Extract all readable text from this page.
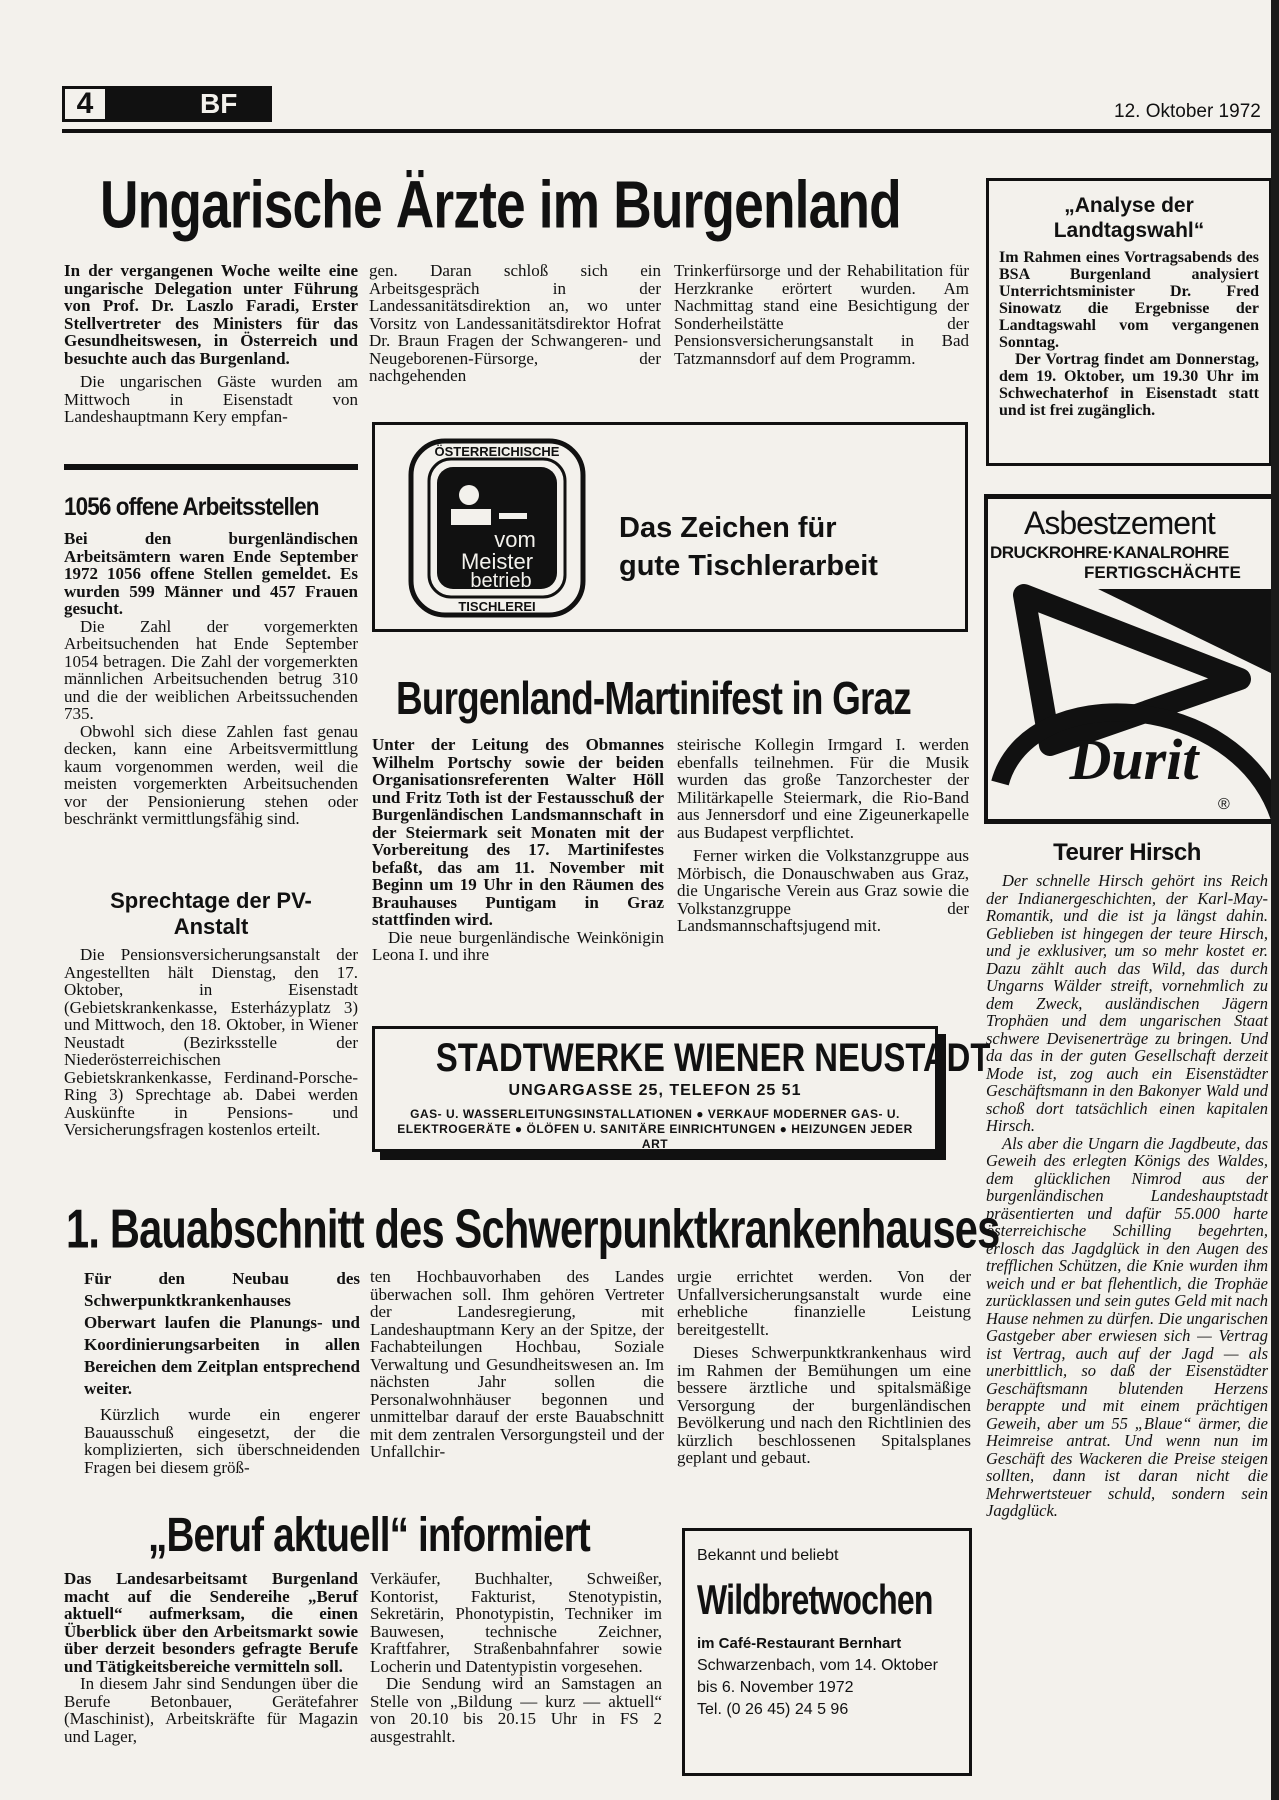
4	BF	12. Oktober 1972
Ungarische Ärzte im Burgenland

In der vergangenen Woche weilte eine ungarische Delegation unter Führung von Prof. Dr. Laszlo Faradi, Erster Stellvertreter des Ministers für das Gesundheitswesen, in Österreich und besuchte auch das Burgenland.

Die ungarischen Gäste wurden am Mittwoch in Eisenstadt von Landeshauptmann Kery empfan-

gen. Daran schloß sich ein Arbeitsgespräch in der Landessanitätsdirektion an, wo unter Vorsitz von Landessanitätsdirektor Hofrat Dr. Braun Fragen der Schwangeren- und Neugeborenen-Fürsorge, der nachgehenden

Trinkerfürsorge und der Rehabilitation für Herzkranke erörtert wurden. Am Nachmittag stand eine Besichtigung der Sonderheilstätte der Pensionsversicherungsanstalt in Bad Tatzmannsdorf auf dem Programm.

„Analyse der Landtagswahl“

Im Rahmen eines Vortragsabends des BSA Burgenland analysiert Unterrichtsminister Dr. Fred Sinowatz die Ergebnisse der Landtagswahl vom vergangenen Sonntag.

Der Vortrag findet am Donnerstag, dem 19. Oktober, um 19.30 Uhr im Schwechaterhof in Eisenstadt statt und ist frei zugänglich.

1056 offene Arbeitsstellen

Bei den burgenländischen Arbeitsämtern waren Ende September 1972 1056 offene Stellen gemeldet. Es wurden 599 Männer und 457 Frauen gesucht.

Die Zahl der vorgemerkten Arbeitsuchenden hat Ende September 1054 betragen. Die Zahl der vorgemerkten männlichen Arbeitsuchenden betrug 310 und die der weiblichen Arbeitssuchenden 735.

Obwohl sich diese Zahlen fast genau decken, kann eine Arbeitsvermittlung kaum vorgenommen werden, weil die meisten vorgemerkten Arbeitsuchenden vor der Pensionierung stehen oder beschränkt vermittlungsfähig sind.

Sprechtage der PV-Anstalt

Die Pensionsversicherungsanstalt der Angestellten hält Dienstag, den 17. Oktober, in Eisenstadt (Gebietskrankenkasse, Esterházyplatz 3) und Mittwoch, den 18. Oktober, in Wiener Neustadt (Bezirksstelle der Niederösterreichischen Gebietskrankenkasse, Ferdinand-Porsche-Ring 3) Sprechtage ab. Dabei werden Auskünfte in Pensions- und Versicherungsfragen kostenlos erteilt.

ÖSTERREICHISCHE
TISCHLEREI
vom
Meister
betrieb
Das Zeichen für
gute Tischlerarbeit
Asbestzement
DRUCKROHRE·KANALROHRE
FERTIGSCHÄCHTE
Durit
®
Burgenland-Martinifest in Graz

Unter der Leitung des Obmannes Wilhelm Portschy sowie der beiden Organisationsreferenten Walter Höll und Fritz Toth ist der Festausschuß der Burgenländischen Landsmannschaft in der Steiermark seit Monaten mit der Vorbereitung des 17. Martinifestes befaßt, das am 11. November mit Beginn um 19 Uhr in den Räumen des Brauhauses Puntigam in Graz stattfinden wird.

Die neue burgenländische Weinkönigin Leona I. und ihre

steirische Kollegin Irmgard I. werden ebenfalls teilnehmen. Für die Musik wurden das große Tanzorchester der Militärkapelle Steiermark, die Rio-Band aus Jennersdorf und eine Zigeunerkapelle aus Budapest verpflichtet.

Ferner wirken die Volkstanzgruppe aus Mörbisch, die Donauschwaben aus Graz, die Ungarische Verein aus Graz sowie die Volkstanzgruppe der Landsmannschaftsjugend mit.

STADTWERKE WIENER NEUSTADT
UNGARGASSE 25, TELEFON 25 51
GAS- U. WASSERLEITUNGSINSTALLATIONEN ● VERKAUF MODERNER GAS- U. ELEKTROGERÄTE ● ÖLÖFEN U. SANITÄRE EINRICHTUNGEN ● HEIZUNGEN JEDER ART
Teurer Hirsch

Der schnelle Hirsch gehört ins Reich der Indianergeschichten, der Karl-May-Romantik, und die ist ja längst dahin. Geblieben ist hingegen der teure Hirsch, und je exklusiver, um so mehr kostet er. Dazu zählt auch das Wild, das durch Ungarns Wälder streift, vornehmlich zu dem Zweck, ausländischen Jägern Trophäen und dem ungarischen Staat schwere Devisenerträge zu bringen. Und da das in der guten Gesellschaft derzeit Mode ist, zog auch ein Eisenstädter Geschäftsmann in den Bakonyer Wald und schoß dort tatsächlich einen kapitalen Hirsch.

Als aber die Ungarn die Jagdbeute, das Geweih des erlegten Königs des Waldes, dem glücklichen Nimrod aus der burgenländischen Landeshauptstadt präsentierten und dafür 55.000 harte österreichische Schilling begehrten, erlosch das Jagdglück in den Augen des trefflichen Schützen, die Knie wurden ihm weich und er bat flehentlich, die Trophäe zurücklassen und sein gutes Geld mit nach Hause nehmen zu dürfen. Die ungarischen Gastgeber aber erwiesen sich — Vertrag ist Vertrag, auch auf der Jagd — als unerbittlich, so daß der Eisenstädter Geschäftsmann blutenden Herzens berappte und mit einem prächtigen Geweih, aber um 55 „Blaue“ ärmer, die Heimreise antrat. Und wenn nun im Geschäft des Wackeren die Preise steigen sollten, dann ist daran nicht die Mehrwertsteuer schuld, sondern sein Jagdglück.

1. Bauabschnitt des Schwerpunktkrankenhauses

Für den Neubau des Schwerpunktkrankenhauses Oberwart laufen die Planungs- und Koordinierungsarbeiten in allen Bereichen dem Zeitplan entsprechend weiter.

Kürzlich wurde ein engerer Bauausschuß eingesetzt, der die komplizierten, sich überschneidenden Fragen bei diesem größ-

ten Hochbauvorhaben des Landes überwachen soll. Ihm gehören Vertreter der Landesregierung, mit Landeshauptmann Kery an der Spitze, der Fachabteilungen Hochbau, Soziale Verwaltung und Gesundheitswesen an. Im nächsten Jahr sollen die Personalwohnhäuser begonnen und unmittelbar darauf der erste Bauabschnitt mit dem zentralen Versorgungsteil und der Unfallchir-

urgie errichtet werden. Von der Unfallversicherungsanstalt wurde eine erhebliche finanzielle Leistung bereitgestellt.

Dieses Schwerpunktkrankenhaus wird im Rahmen der Bemühungen um eine bessere ärztliche und spitalsmäßige Versorgung der burgenländischen Bevölkerung und nach den Richtlinien des kürzlich beschlossenen Spitalsplanes geplant und gebaut.

„Beruf aktuell“ informiert

Das Landesarbeitsamt Burgenland macht auf die Sendereihe „Beruf aktuell“ aufmerksam, die einen Überblick über den Arbeitsmarkt sowie über derzeit besonders gefragte Berufe und Tätigkeitsbereiche vermitteln soll.

In diesem Jahr sind Sendungen über die Berufe Betonbauer, Gerätefahrer (Maschinist), Arbeitskräfte für Magazin und Lager,

Verkäufer, Buchhalter, Schweißer, Kontorist, Fakturist, Stenotypistin, Sekretärin, Phonotypistin, Techniker im Bauwesen, technische Zeichner, Kraftfahrer, Straßenbahnfahrer sowie Locherin und Datentypistin vorgesehen.

Die Sendung wird an Samstagen an Stelle von „Bildung — kurz — aktuell“ von 20.10 bis 20.15 Uhr in FS 2 ausgestrahlt.

Bekannt und beliebt
Wildbretwochen
im Café-Restaurant Bernhart
Schwarzenbach, vom 14. Oktober
bis 6. November 1972
Tel. (0 26 45) 24 5 96
